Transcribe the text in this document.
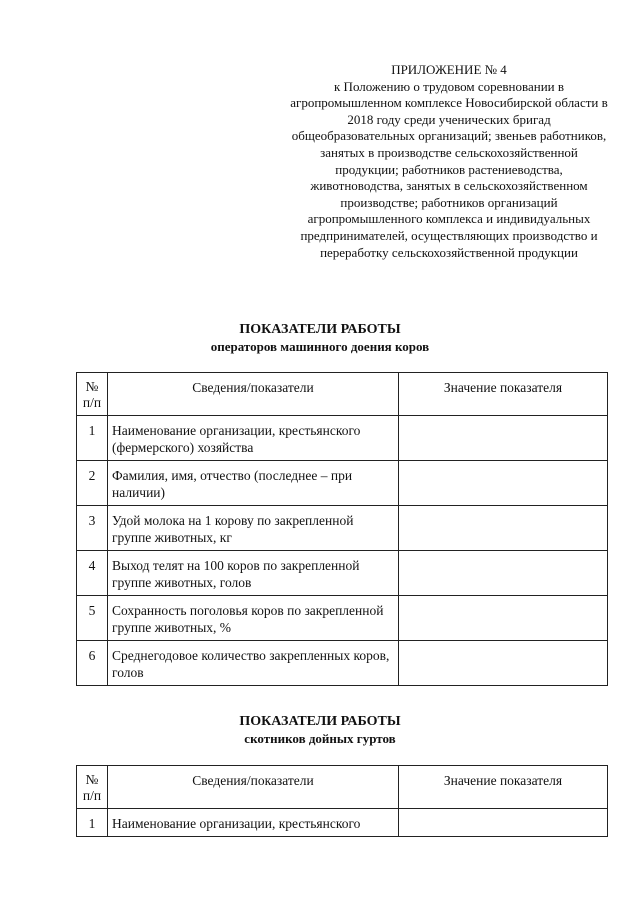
ПРИЛОЖЕНИЕ № 4
к Положению о трудовом соревновании в агропромышленном комплексе Новосибирской области в 2018 году среди ученических бригад общеобразовательных организаций; звеньев работников, занятых в производстве сельскохозяйственной продукции; работников растениеводства, животноводства, занятых в сельскохозяйственном производстве; работников организаций агропромышленного комплекса и индивидуальных предпринимателей, осуществляющих производство и переработку сельскохозяйственной продукции
ПОКАЗАТЕЛИ РАБОТЫ
операторов машинного доения коров
№ п/п	Сведения/показатели	Значение показателя
1	Наименование организации, крестьянского (фермерского) хозяйства	
2	Фамилия, имя, отчество (последнее – при наличии)	
3	Удой молока на 1 корову по закрепленной группе животных, кг	
4	Выход телят на 100 коров по закрепленной группе животных, голов	
5	Сохранность поголовья коров по закрепленной группе животных, %	
6	Среднегодовое количество закрепленных коров, голов	
ПОКАЗАТЕЛИ РАБОТЫ
скотников дойных гуртов
№ п/п	Сведения/показатели	Значение показателя
1	Наименование организации, крестьянского	
